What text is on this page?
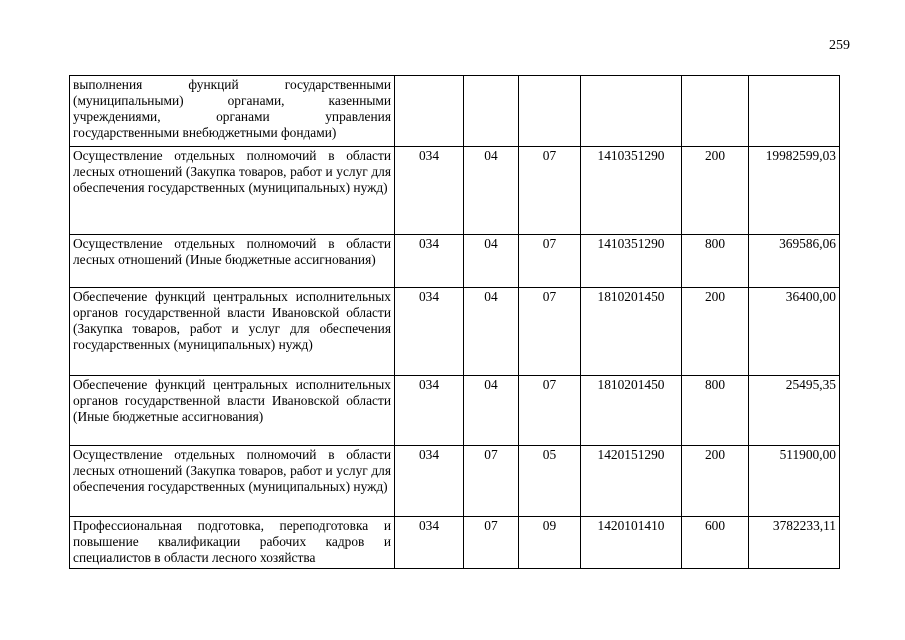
259
выполнения функций государственными (муниципальными) органами, казенными учреждениями, органами управления государственными внебюджетными фондами)						
Осуществление отдельных полномочий в области лесных отношений (Закупка товаров, работ и услуг для обеспечения государственных (муниципальных) нужд)	034	04	07	1410351290	200	19982599,03
Осуществление отдельных полномочий в области лесных отношений (Иные бюджетные ассигнования)	034	04	07	1410351290	800	369586,06
Обеспечение функций центральных исполнительных органов государственной власти Ивановской области (Закупка товаров, работ и услуг для обеспечения государственных (муниципальных) нужд)	034	04	07	1810201450	200	36400,00
Обеспечение функций центральных исполнительных органов государственной власти Ивановской области (Иные бюджетные ассигнования)	034	04	07	1810201450	800	25495,35
Осуществление отдельных полномочий в области лесных отношений (Закупка товаров, работ и услуг для обеспечения государственных (муниципальных) нужд)	034	07	05	1420151290	200	511900,00
Профессиональная подготовка, переподготовка и повышение квалификации рабочих кадров и специалистов в области лесного хозяйства	034	07	09	1420101410	600	3782233,11
